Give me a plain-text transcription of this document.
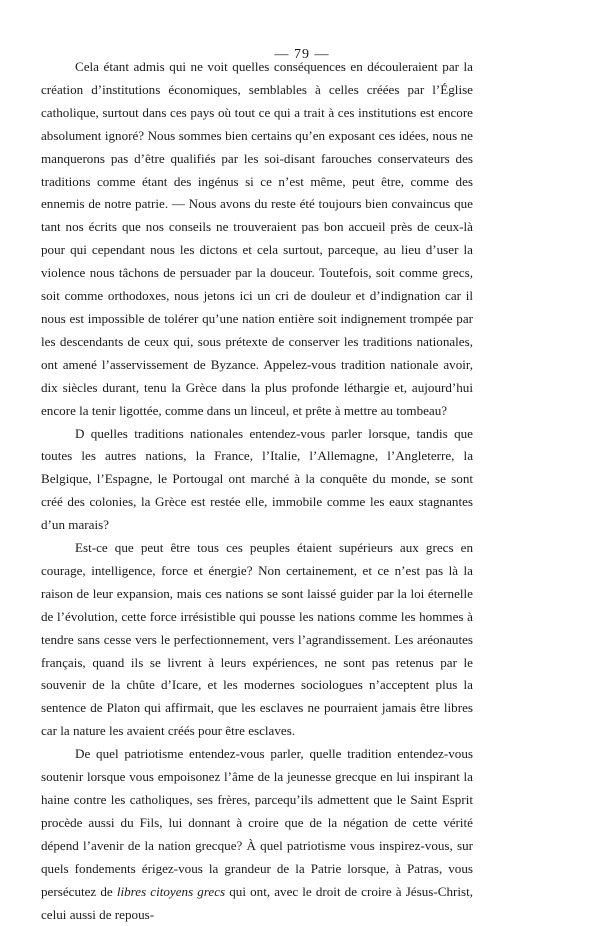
— 79 —

Cela étant admis qui ne voit quelles conséquences en découleraient par la création d’institutions économiques, semblables à celles créées par l’Église catholique, surtout dans ces pays où tout ce qui a trait à ces institutions est encore absolument ignoré? Nous sommes bien certains qu’en exposant ces idées, nous ne manquerons pas d’être qualifiés par les soi-disant farouches conservateurs des traditions comme étant des ingénus si ce n’est même, peut être, comme des ennemis de notre patrie. — Nous avons du reste été toujours bien convaincus que tant nos écrits que nos conseils ne trouveraient pas bon accueil près de ceux-là pour qui cependant nous les dictons et cela surtout, parceque, au lieu d’user la violence nous tâchons de persuader par la douceur. Toutefois, soit comme grecs, soit comme orthodoxes, nous jetons ici un cri de douleur et d’indignation car il nous est impossible de tolérer qu’une nation entière soit indignement trompée par les descendants de ceux qui, sous prétexte de conserver les traditions nationales, ont amené l’asservissement de Byzance. Appelez-vous tradition nationale avoir, dix siècles durant, tenu la Grèce dans la plus profonde léthargie et, aujourd’hui encore la tenir ligottée, comme dans un linceul, et prête à mettre au tombeau?

D quelles traditions nationales entendez-vous parler lorsque, tandis que toutes les autres nations, la France, l’Italie, l’Allemagne, l’Angleterre, la Belgique, l’Espagne, le Portougal ont marché à la conquête du monde, se sont créé des colonies, la Grèce est restée elle, immobile comme les eaux stagnantes d’un marais?

Est-ce que peut être tous ces peuples étaient supérieurs aux grecs en courage, intelligence, force et énergie? Non certainement, et ce n’est pas là la raison de leur expansion, mais ces nations se sont laissé guider par la loi éternelle de l’évolution, cette force irrésistible qui pousse les nations comme les hommes à tendre sans cesse vers le perfectionnement, vers l’agrandissement. Les aréonautes français, quand ils se livrent à leurs expériences, ne sont pas retenus par le souvenir de la chûte d’Icare, et les modernes sociologues n’acceptent plus la sentence de Platon qui affirmait, que les esclaves ne pourraient jamais être libres car la nature les avaient créés pour être esclaves.

De quel patriotisme entendez-vous parler, quelle tradition entendez-vous soutenir lorsque vous empoisonez l’âme de la jeunesse grecque en lui inspirant la haine contre les catholiques, ses frères, parcequ’ils admettent que le Saint Esprit procède aussi du Fils, lui donnant à croire que de la négation de cette vérité dépend l’avenir de la nation grecque? À quel patriotisme vous inspirez-vous, sur quels fondements érigez-vous la grandeur de la Patrie lorsque, à Patras, vous persécutez de libres citoyens grecs qui ont, avec le droit de croire à Jésus-Christ, celui aussi de repous-
